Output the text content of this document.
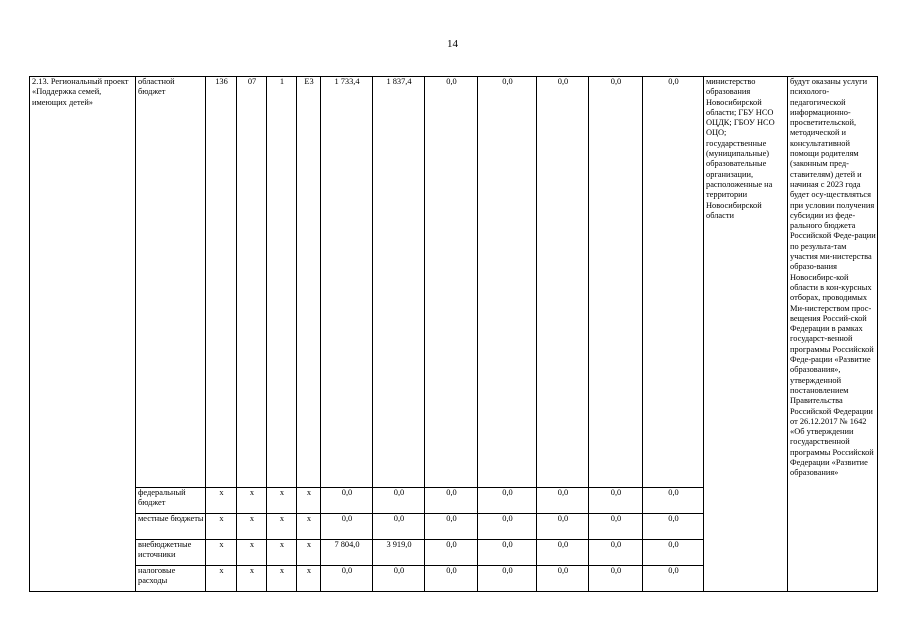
14
2.13. Региональный проект «Поддержка семей, имеющих детей»	областной бюджет	136	07	1	Е3	1 733,4	1 837,4	0,0	0,0	0,0	0,0	0,0	министерство образования Новосибирской области; ГБУ НСО ОЦДК; ГБОУ НСО ОЦО; государственные (муниципальные) образовательные организации, расположенные на территории Новосибирской области	будут оказаны услуги психолого-педагогической информационно-просветительской, методической и консультативной помощи родителям (законным пред-ставителям) детей и начиная с 2023 года будет осу-ществляться при условии получения субсидии из феде-рального бюджета Российской Феде-рации по результа-там участия ми-нистерства образо-вания Новосибирс-кой области в кон-курсных отборах, проводимых Ми-нистерством прос-вещения Россий-ской Федерации в рамках государст-венной программы Российской Феде-рации «Развитие образования», утвержденной постановлением Правительства Российской Федерации от 26.12.2017 № 1642 «Об утверждении государственной программы Российской Федерации «Развитие образования»
	федеральный бюджет	х	х	х	х	0,0	0,0	0,0	0,0	0,0	0,0	0,0		
	местные бюджеты	х	х	х	х	0,0	0,0	0,0	0,0	0,0	0,0	0,0		
	внебюджетные источники	х	х	х	х	7 804,0	3 919,0	0,0	0,0	0,0	0,0	0,0		
	налоговые расходы	х	х	х	х	0,0	0,0	0,0	0,0	0,0	0,0	0,0		
